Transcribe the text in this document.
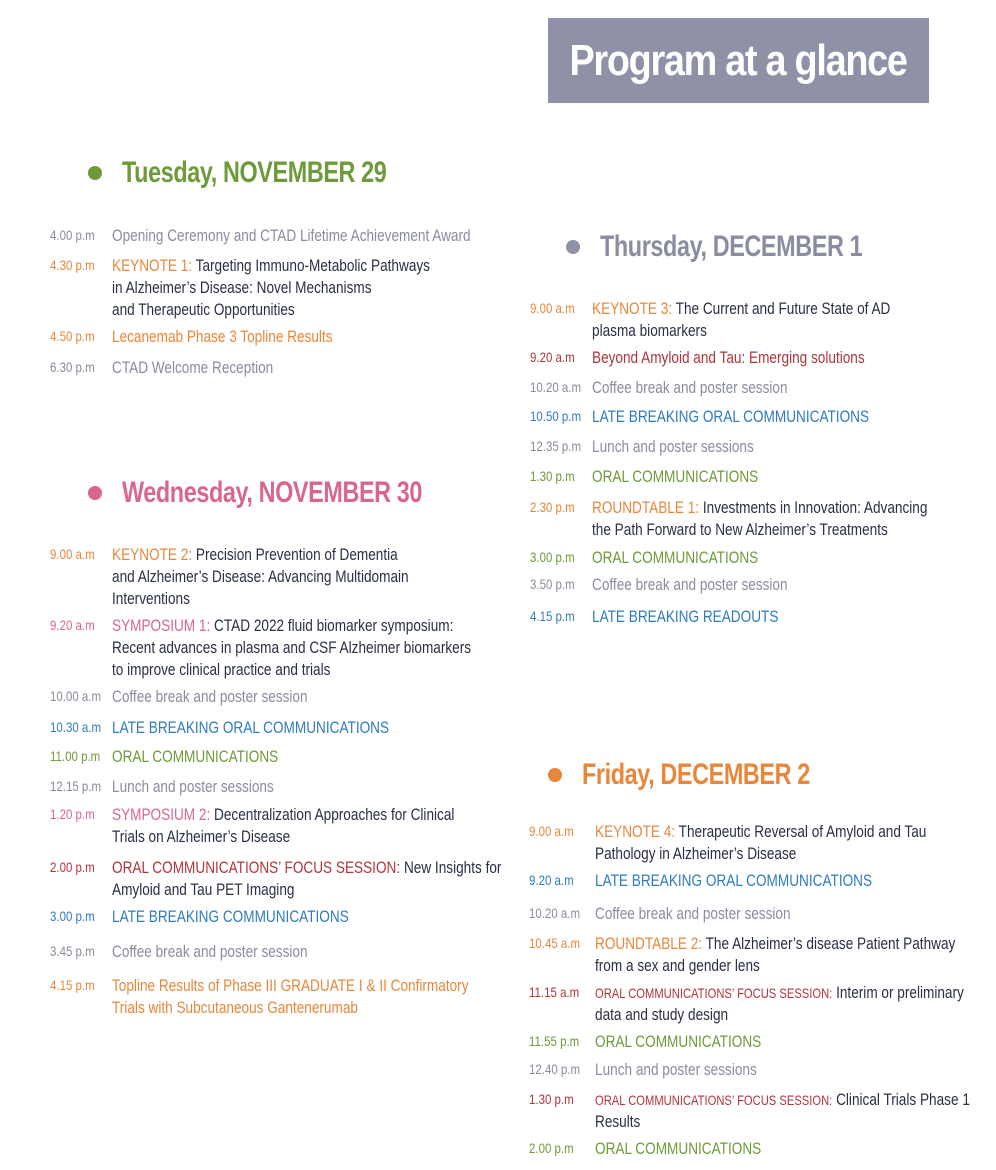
Program at a glance
Tuesday, NOVEMBER 29
4.00 p.m Opening Ceremony and CTAD Lifetime Achievement Award
4.30 p.m KEYNOTE 1: Targeting Immuno-Metabolic Pathways
in Alzheimer’s Disease: Novel Mechanisms
and Therapeutic Opportunities
4.50 p.m Lecanemab Phase 3 Topline Results
6.30 p.m CTAD Welcome Reception
Wednesday, NOVEMBER 30
9.00 a.m KEYNOTE 2: Precision Prevention of Dementia
and Alzheimer’s Disease: Advancing Multidomain
Interventions
9.20 a.m SYMPOSIUM 1: CTAD 2022 fluid biomarker symposium:
Recent advances in plasma and CSF Alzheimer biomarkers
to improve clinical practice and trials
10.00 a.m Coffee break and poster session
10.30 a.m LATE BREAKING ORAL COMMUNICATIONS
11.00 p.m ORAL COMMUNICATIONS
12.15 p.m Lunch and poster sessions
1.20 p.m SYMPOSIUM 2: Decentralization Approaches for Clinical
Trials on Alzheimer’s Disease
2.00 p.m ORAL COMMUNICATIONS’ FOCUS SESSION: New Insights for
Amyloid and Tau PET Imaging
3.00 p.m LATE BREAKING COMMUNICATIONS
3.45 p.m Coffee break and poster session
4.15 p.m Topline Results of Phase III GRADUATE I & II Confirmatory
Trials with Subcutaneous Gantenerumab
Thursday, DECEMBER 1
9.00 a.m KEYNOTE 3: The Current and Future State of AD
plasma biomarkers
9.20 a.m Beyond Amyloid and Tau: Emerging solutions
10.20 a.m Coffee break and poster session
10.50 p.m LATE BREAKING ORAL COMMUNICATIONS
12.35 p.m Lunch and poster sessions
1.30 p.m ORAL COMMUNICATIONS
2.30 p.m ROUNDTABLE 1: Investments in Innovation: Advancing
the Path Forward to New Alzheimer’s Treatments
3.00 p.m ORAL COMMUNICATIONS
3.50 p.m Coffee break and poster session
4.15 p.m LATE BREAKING READOUTS
Friday, DECEMBER 2
9.00 a.m KEYNOTE 4: Therapeutic Reversal of Amyloid and Tau
Pathology in Alzheimer’s Disease
9.20 a.m LATE BREAKING ORAL COMMUNICATIONS
10.20 a.m Coffee break and poster session
10.45 a.m ROUNDTABLE 2: The Alzheimer’s disease Patient Pathway
from a sex and gender lens
11.15 a.m ORAL COMMUNICATIONS’ FOCUS SESSION: Interim or preliminary
data and study design
11.55 p.m ORAL COMMUNICATIONS
12.40 p.m Lunch and poster sessions
1.30 p.m ORAL COMMUNICATIONS’ FOCUS SESSION: Clinical Trials Phase 1
Results
2.00 p.m ORAL COMMUNICATIONS
